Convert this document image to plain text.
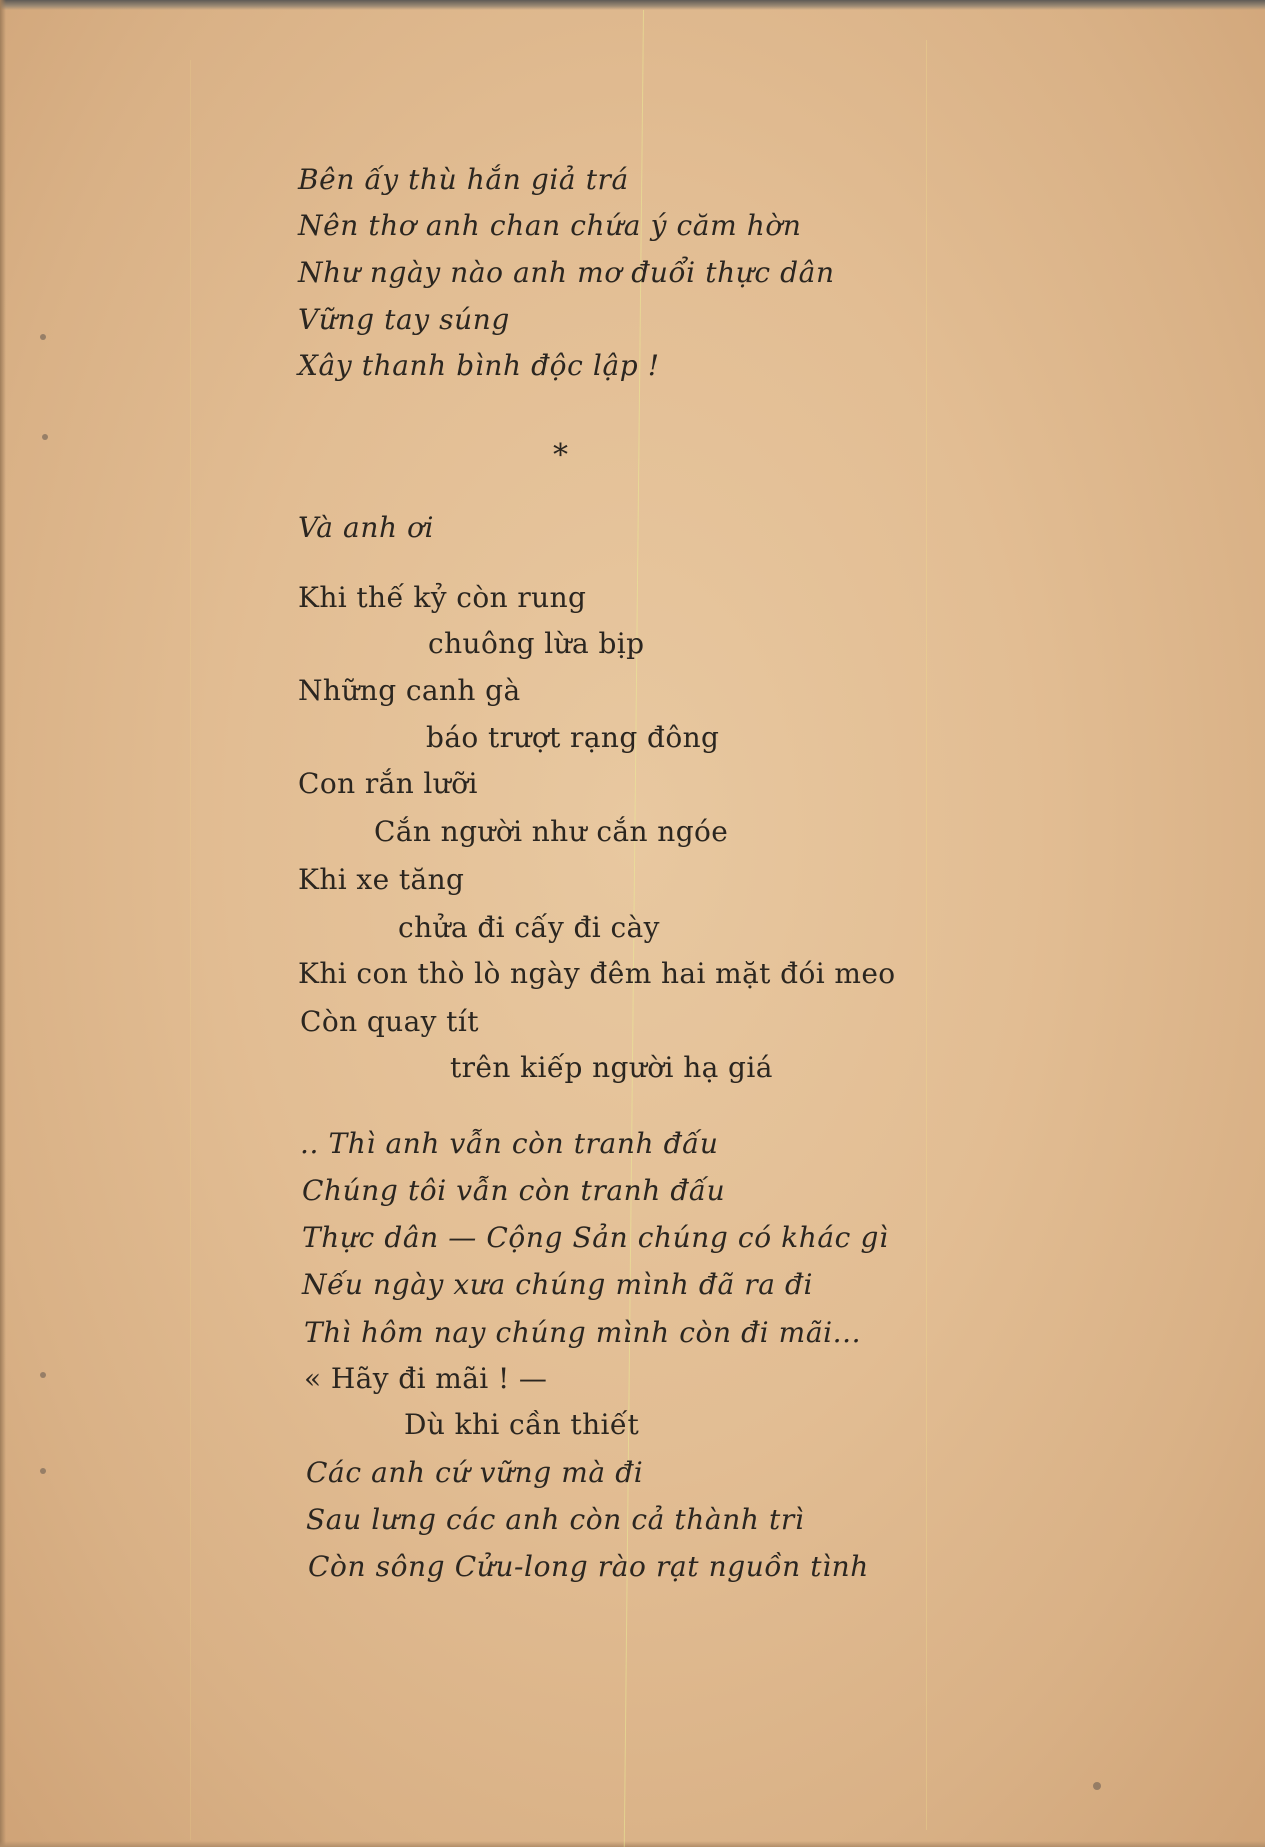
Bên ấy thù hắn giả trá
Nên thơ anh chan chứa ý căm hờn
Như ngày nào anh mơ đuổi thực dân
Vững tay súng
Xây thanh bình độc lập !
*
Và anh ơi
Khi thế kỷ còn rung
chuông lừa bịp
Những canh gà
báo trượt rạng đông
Con rắn lưỡi
Cắn người như cắn ngóe
Khi xe tăng
chửa đi cấy đi cày
Khi con thò lò ngày đêm hai mặt đói meo
Còn quay tít
trên kiếp người hạ giá
.. Thì anh vẫn còn tranh đấu
Chúng tôi vẫn còn tranh đấu
Thực dân — Cộng Sản chúng có khác gì
Nếu ngày xưa chúng mình đã ra đi
Thì hôm nay chúng mình còn đi mãi...
« Hãy đi mãi ! —
Dù khi cần thiết
Các anh cứ vững mà đi
Sau lưng các anh còn cả thành trì
Còn sông Cửu-long rào rạt nguồn tình
